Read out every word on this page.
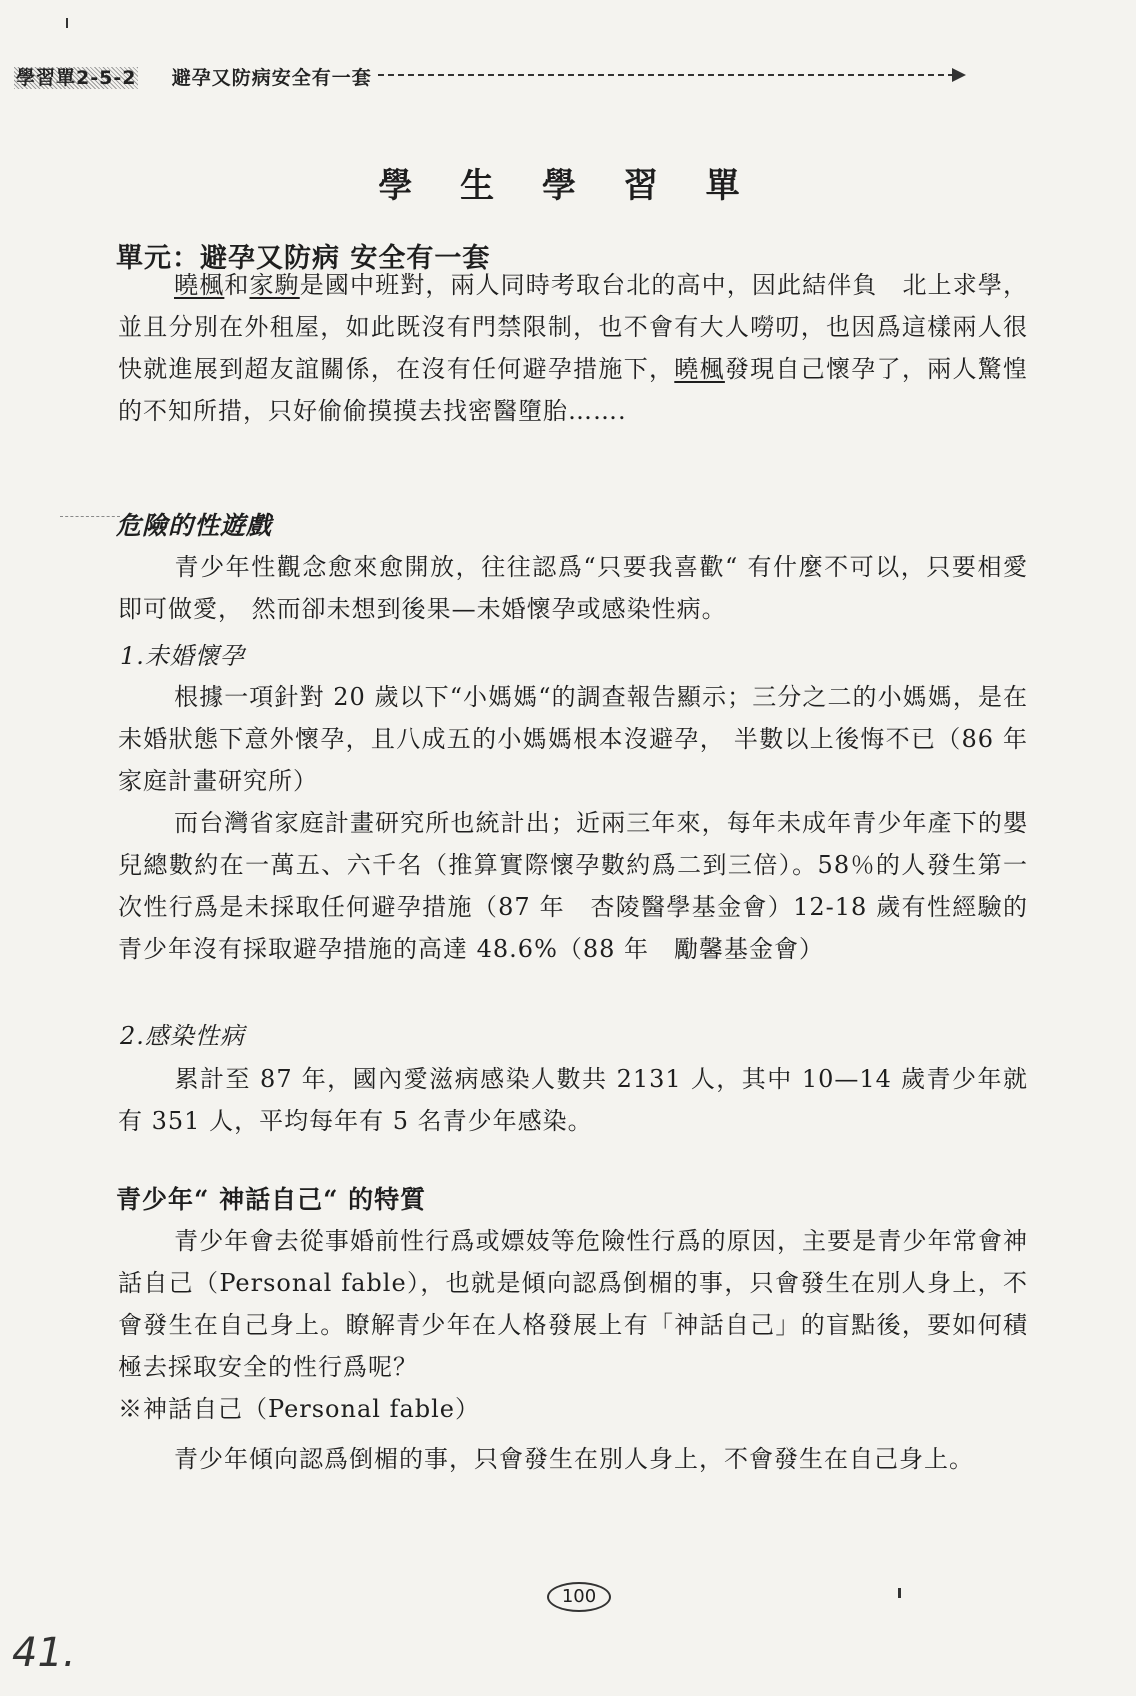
學習單2-5-2 避孕又防病安全有一套
學 生 學 習 單
單元：避孕又防病 安全有一套
曉楓和家駒是國中班對，兩人同時考取台北的高中，因此結伴負　北上求學，並且分別在外租屋，如此既沒有門禁限制，也不會有大人嘮叨，也因爲這樣兩人很快就進展到超友誼關係，在沒有任何避孕措施下，曉楓發現自己懷孕了，兩人驚惶的不知所措，只好偷偷摸摸去找密醫墮胎…….
危險的性遊戲
青少年性觀念愈來愈開放，往往認爲“只要我喜歡“ 有什麼不可以，只要相愛即可做愛， 然而卻未想到後果—未婚懷孕或感染性病。
1.未婚懷孕
根據一項針對 20 歲以下“小媽媽“的調查報告顯示；三分之二的小媽媽，是在未婚狀態下意外懷孕，且八成五的小媽媽根本沒避孕， 半數以上後悔不已（86 年　家庭計畫研究所）
而台灣省家庭計畫研究所也統計出；近兩三年來，每年未成年青少年產下的嬰兒總數約在一萬五、六千名（推算實際懷孕數約爲二到三倍）。58％的人發生第一次性行爲是未採取任何避孕措施（87 年　杏陵醫學基金會）12-18 歲有性經驗的青少年沒有採取避孕措施的高達 48.6%（88 年　勵馨基金會）
2.感染性病
累計至 87 年，國內愛滋病感染人數共 2131 人，其中 10—14 歲青少年就有 351 人，平均每年有 5 名青少年感染。
青少年“ 神話自己“ 的特質
青少年會去從事婚前性行爲或嫖妓等危險性行爲的原因，主要是青少年常會神話自己（Personal fable），也就是傾向認爲倒楣的事，只會發生在別人身上，不會發生在自己身上。瞭解青少年在人格發展上有「神話自己」的盲點後，要如何積極去採取安全的性行爲呢？
※神話自己（Personal fable）
青少年傾向認爲倒楣的事，只會發生在別人身上，不會發生在自己身上。
100
41.
